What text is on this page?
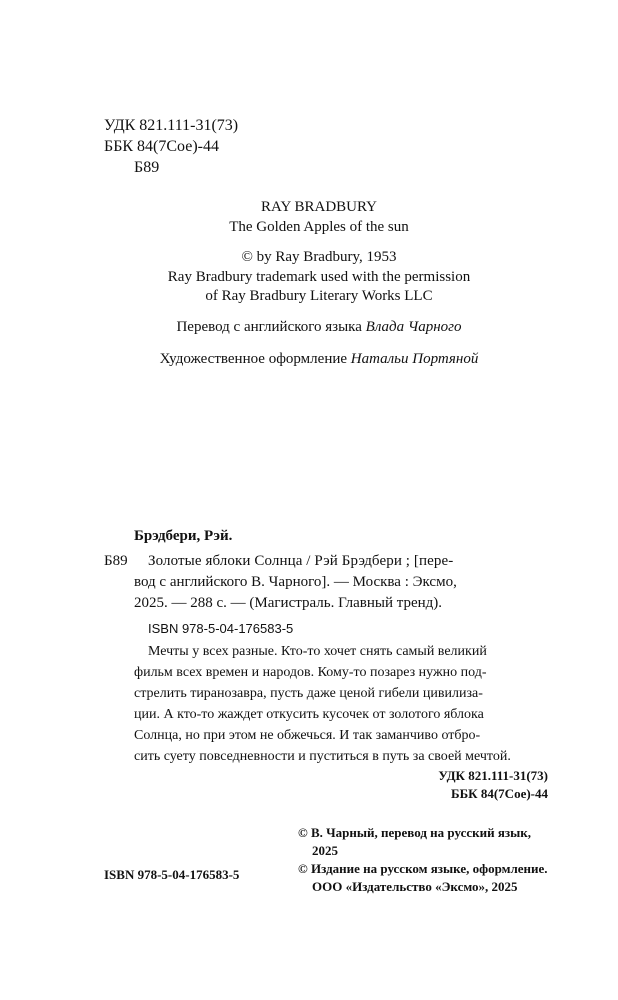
УДК 821.111-31(73)
ББК 84(7Сое)-44
Б89
RAY BRADBURY
The Golden Apples of the sun
© by Ray Bradbury, 1953
Ray Bradbury trademark used with the permission
of Ray Bradbury Literary Works LLC
Перевод с английского языка Влада Чарного
Художественное оформление Натальи Портяной
Брэдбери, Рэй.
Б89 Золотые яблоки Солнца / Рэй Брэдбери ; [пере-
вод с английского В. Чарного]. — Москва : Эксмо,
2025. — 288 с. — (Магистраль. Главный тренд).
ISBN 978-5-04-176583-5
Мечты у всех разные. Кто-то хочет снять самый великий
фильм всех времен и народов. Кому-то позарез нужно под-
стрелить тиранозавра, пусть даже ценой гибели цивилиза-
ции. А кто-то жаждет откусить кусочек от золотого яблока
Солнца, но при этом не обжечься. И так заманчиво отбро-
сить суету повседневности и пуститься в путь за своей мечтой.
УДК 821.111-31(73)
ББК 84(7Сое)-44
ISBN 978-5-04-176583-5
© В. Чарный, перевод на русский язык,
2025
© Издание на русском языке, оформление.
ООО «Издательство «Эксмо», 2025
